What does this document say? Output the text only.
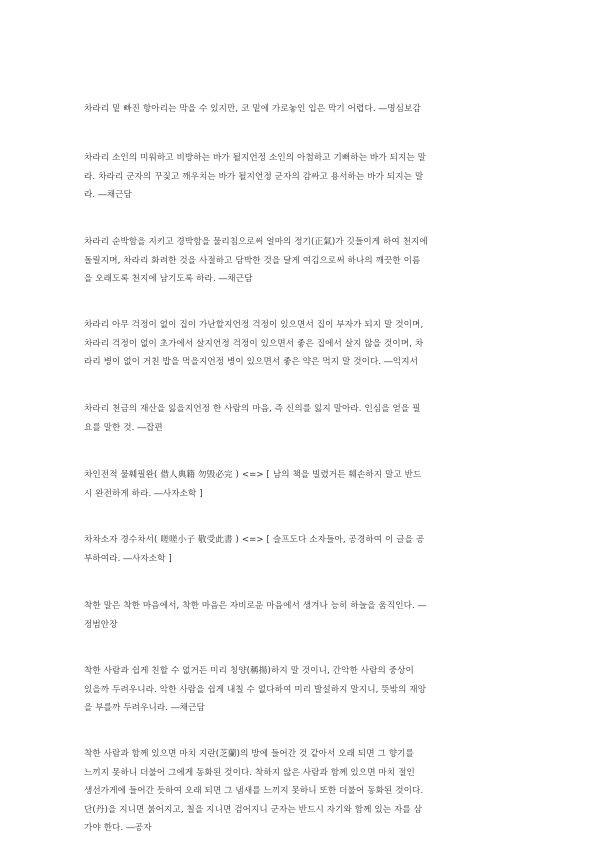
차라리 밑 빠진 항아리는 막을 수 있지만, 코 밑에 가로놓인 입은 막기 어렵다. ―명심보감
차라리 소인의 미워하고 비방하는 바가 될지언정 소인의 아첨하고 기뻐하는 바가 되지는 말
라. 차라리 군자의 꾸짖고 깨우치는 바가 될지언정 군자의 감싸고 용서하는 바가 되지는 말
라. ―채근담
차라리 순박함을 지키고 경박함을 물리침으로써 얼마의 정기(正氣)가 깃들이게 하여 천지에
돌릴지며, 차라리 화려한 것을 사절하고 담박한 것을 달게 여김으로써 하나의 깨끗한 이름
을 오래도록 천지에 남기도록 하라. ―채근담
차라리 아무 걱정이 없이 집이 가난할지언정 걱정이 있으면서 집이 부자가 되지 말 것이며,
차라리 걱정이 없이 초가에서 살지언정 걱정이 있으면서 좋은 집에서 살지 않을 것이며, 차
라리 병이 없이 거친 밥을 먹을지언정 병이 있으면서 좋은 약은 먹지 말 것이다. ―익지서
차라리 천금의 재산을 잃을지언정 한 사람의 마음, 즉 신의를 잃지 말아라. 인심을 얻을 필
요를 말한 것. ―잡편
차인전적 물훼필완( 借人典籍 勿毁必完 ) <=> [ 남의 책을 빌렸거든 훼손하지 말고 반드
시 완전하게 하라. ―사자소학 ]
차차소자 경수차서( 嗟嗟小子 敬受此書 ) <=> [ 슬프도다 소자들아, 공경하여 이 글을 공
부하여라. ―사자소학 ]
착한 말은 착한 마음에서, 착한 마음은 자비로운 마음에서 생겨나 능히 하늘을 움직인다. ―
정범안장
착한 사람과 쉽게 친할 수 없거든 미리 칭양(稱揚)하지 말 것이니, 간악한 사람의 중상이
있을까 두려우니라. 악한 사람을 쉽게 내칠 수 없다하여 미리 발설하지 말지니, 뜻밖의 재앙
을 부를까 두려우니라. ―채근담
착한 사람과 함께 있으면 마치 지란(芝蘭)의 방에 들어간 것 같아서 오래 되면 그 향기를
느끼지 못하니 더불어 그에게 동화된 것이다. 착하지 않은 사람과 함께 있으면 마치 절인
생선가게에 들어간 듯하여 오래 되면 그 냄새를 느끼지 못하니 또한 더불어 동화된 것이다.
단(丹)을 지니면 붉어지고, 칠을 지니면 검어지니 군자는 반드시 자기와 함께 있는 자를 삼
가야 한다. ―공자
